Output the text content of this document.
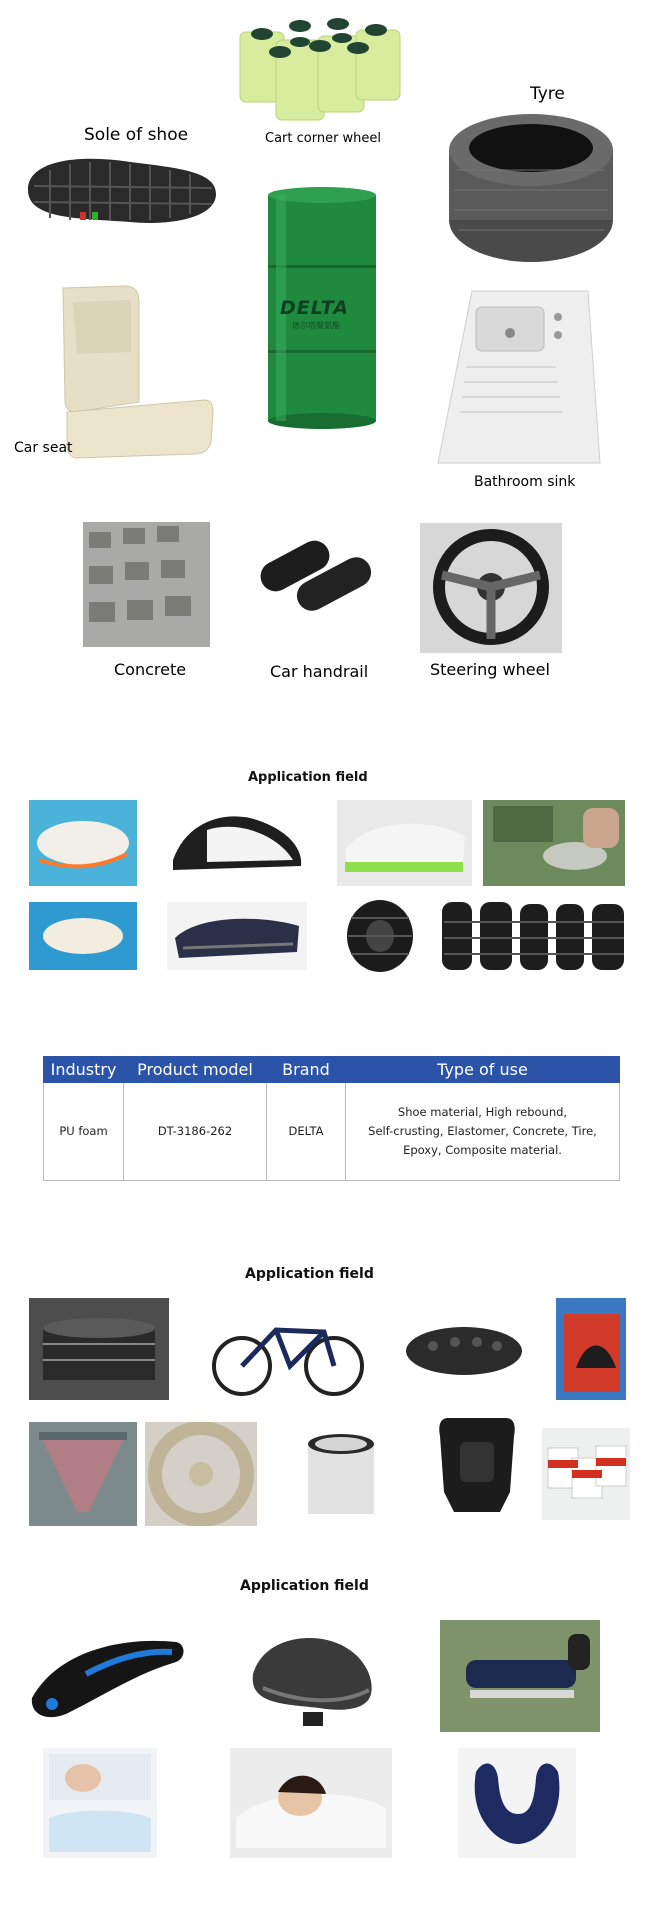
Cart corner wheel
Sole of shoe
Tyre
DELTA
德尔塔聚氨酯
Car seat
Bathroom sink
Concrete	Car handrail	Steering wheel
Application field
Industry	Product model	Brand	Type of use
PU foam	DT-3186-262	DELTA	Shoe material, High rebound,
Self-crusting, Elastomer, Concrete, Tire,
Epoxy, Composite material.
Application field
Application field
